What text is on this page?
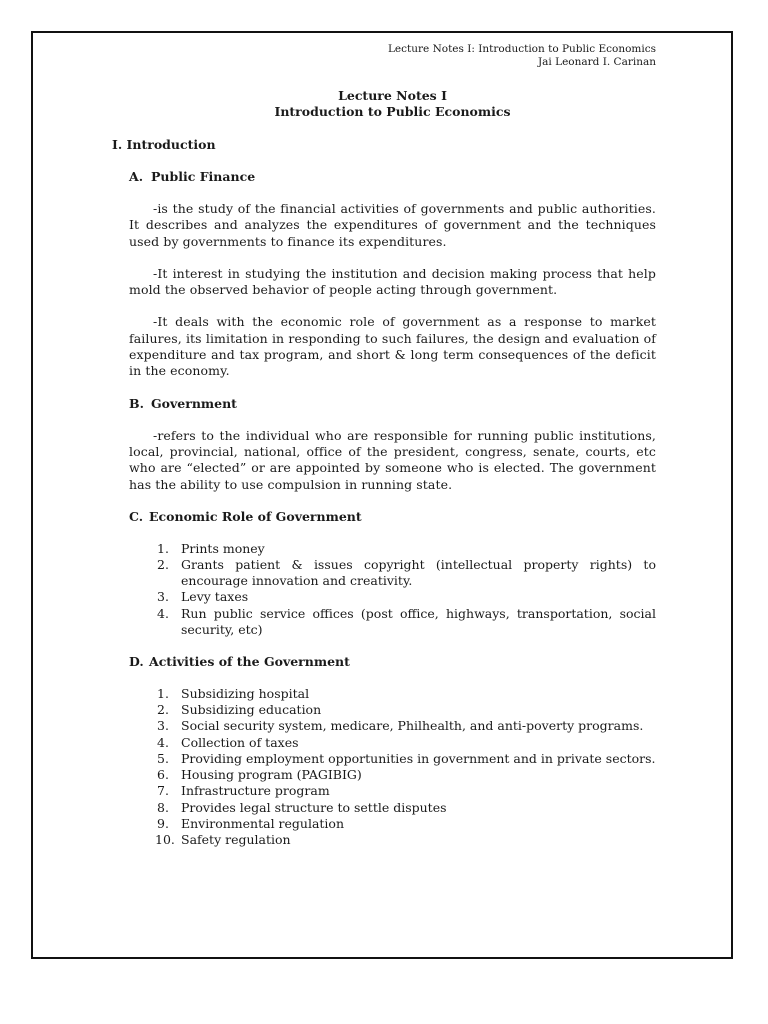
Lecture Notes I: Introduction to Public Economics
Jai Leonard I. Carinan
Lecture Notes I
Introduction to Public Economics
I. Introduction
A. Public Finance

-is the study of the financial activities of governments and public authorities. It describes and analyzes the expenditures of government and the techniques used by governments to finance its expenditures.

-It interest in studying the institution and decision making process that help mold the observed behavior of people acting through government.

-It deals with the economic role of government as a response to market failures, its limitation in responding to such failures, the design and evaluation of expenditure and tax program, and short & long term consequences of the deficit in the economy.

B. Government

-refers to the individual who are responsible for running public institutions, local, provincial, national, office of the president, congress, senate, courts, etc who are “elected” or are appointed by someone who is elected. The government has the ability to use compulsion in running state.

C. Economic Role of Government
1. Prints money
2. Grants patient & issues copyright (intellectual property rights) to encourage innovation and creativity.
3. Levy taxes
4. Run public service offices (post office, highways, transportation, social security, etc)
D. Activities of the Government
1. Subsidizing hospital
2. Subsidizing education
3. Social security system, medicare, Philhealth, and anti-poverty programs.
4. Collection of taxes
5. Providing employment opportunities in government and in private sectors.
6. Housing program (PAGIBIG)
7. Infrastructure program
8. Provides legal structure to settle disputes
9. Environmental regulation
10. Safety regulation
